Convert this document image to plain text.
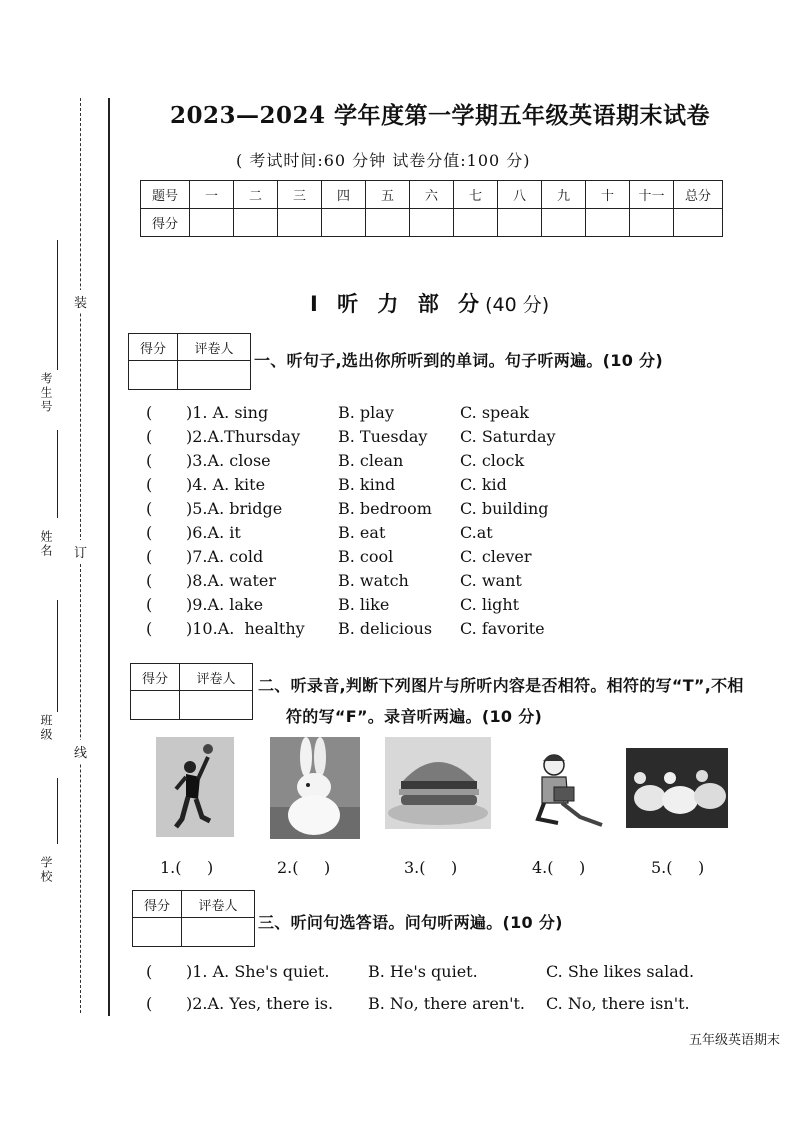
考生号
姓名
班级
学校
装
订
线
2023—2024 学年度第一学期五年级英语期末试卷
( 考试时间:60 分钟 试卷分值:100 分)
题号	一	二	三	四	五	六	七	八	九	十	十一	总分
得分												
Ⅰ 听 力 部 分(40 分)
得分	评卷人

一、听句子,选出你所听到的单词。句子听两遍。(10 分)
( )1. A. sing	B. play	C. speak
( )2.A.Thursday B. Tuesday C. Saturday
( )3.A. close	B. clean	C. clock
( )4. A. kite	B. kind	C. kid
( )5.A. bridge	B. bedroom C. building
( )6.A. it	B. eat	C.at
( )7.A. cold	B. cool	C. clever
( )8.A. water	B. watch	C. want
( )9.A. lake	B. like	C. light
( )10.A.  healthy B. delicious C. favorite
得分	评卷人
	二、听录音,判断下列图片与所听内容是否相符。相符的写“T”,不相
符的写“F”。录音听两遍。(10 分)
1.(     )	2.(     )	3.(     )	4.(     )	5.(     )
得分	评卷人

三、听问句选答语。问句听两遍。(10 分)
( )1. A. She's quiet. B. He's quiet.	C. She likes salad.
( )2.A. Yes, there is. B. No, there aren't. C. No, there isn't.
五年级英语期末
